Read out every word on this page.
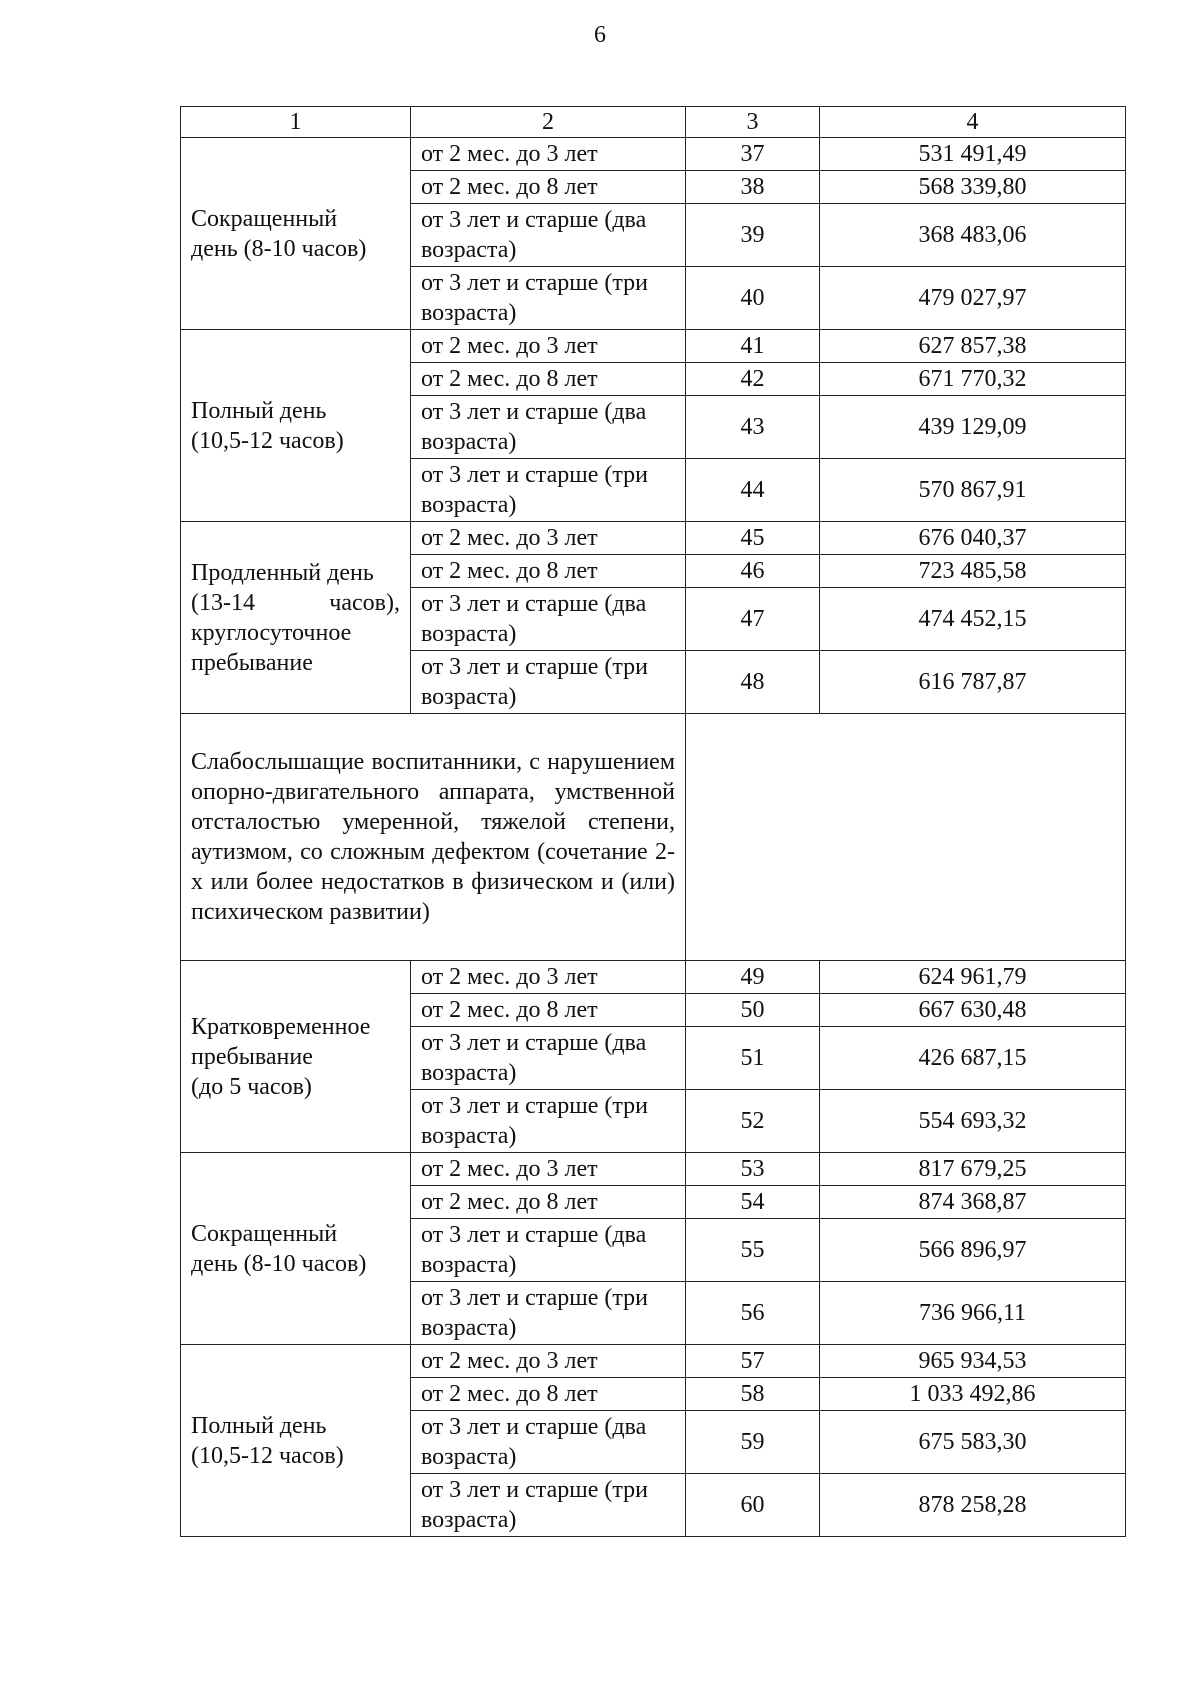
6
1	2	3	4

Сокращенный
день (8-10 часов)	от 2 мес. до 3 лет	37	531 491,49
	от 2 мес. до 8 лет	38	568 339,80
	от 3 лет и старше (два возраста)	39	368 483,06
	от 3 лет и старше (три возраста)	40	479 027,97

Полный день
(10,5-12 часов)	от 2 мес. до 3 лет	41	627 857,38
	от 2 мес. до 8 лет	42	671 770,32
	от 3 лет и старше (два возраста)	43	439 129,09
	от 3 лет и старше (три возраста)	44	570 867,91

Продленный день
(13-14 часов),
круглосуточное
пребывание	от 2 мес. до 3 лет	45	676 040,37
	от 2 мес. до 8 лет	46	723 485,58
	от 3 лет и старше (два возраста)	47	474 452,15
	от 3 лет и старше (три возраста)	48	616 787,87
Слабослышащие воспитанники, с нарушением опорно-двигательного аппарата, умственной отсталостью умеренной, тяжелой степени, аутизмом, со сложным дефектом (сочетание 2-х или более недостатков в физическом и (или) психическом развитии)			

Кратковременное
пребывание
(до 5 часов)	от 2 мес. до 3 лет	49	624 961,79
	от 2 мес. до 8 лет	50	667 630,48
	от 3 лет и старше (два возраста)	51	426 687,15
	от 3 лет и старше (три возраста)	52	554 693,32

Сокращенный
день (8-10 часов)	от 2 мес. до 3 лет	53	817 679,25
	от 2 мес. до 8 лет	54	874 368,87
	от 3 лет и старше (два возраста)	55	566 896,97
	от 3 лет и старше (три возраста)	56	736 966,11

Полный день
(10,5-12 часов)	от 2 мес. до 3 лет	57	965 934,53
	от 2 мес. до 8 лет	58	1 033 492,86
	от 3 лет и старше (два возраста)	59	675 583,30
	от 3 лет и старше (три возраста)	60	878 258,28
